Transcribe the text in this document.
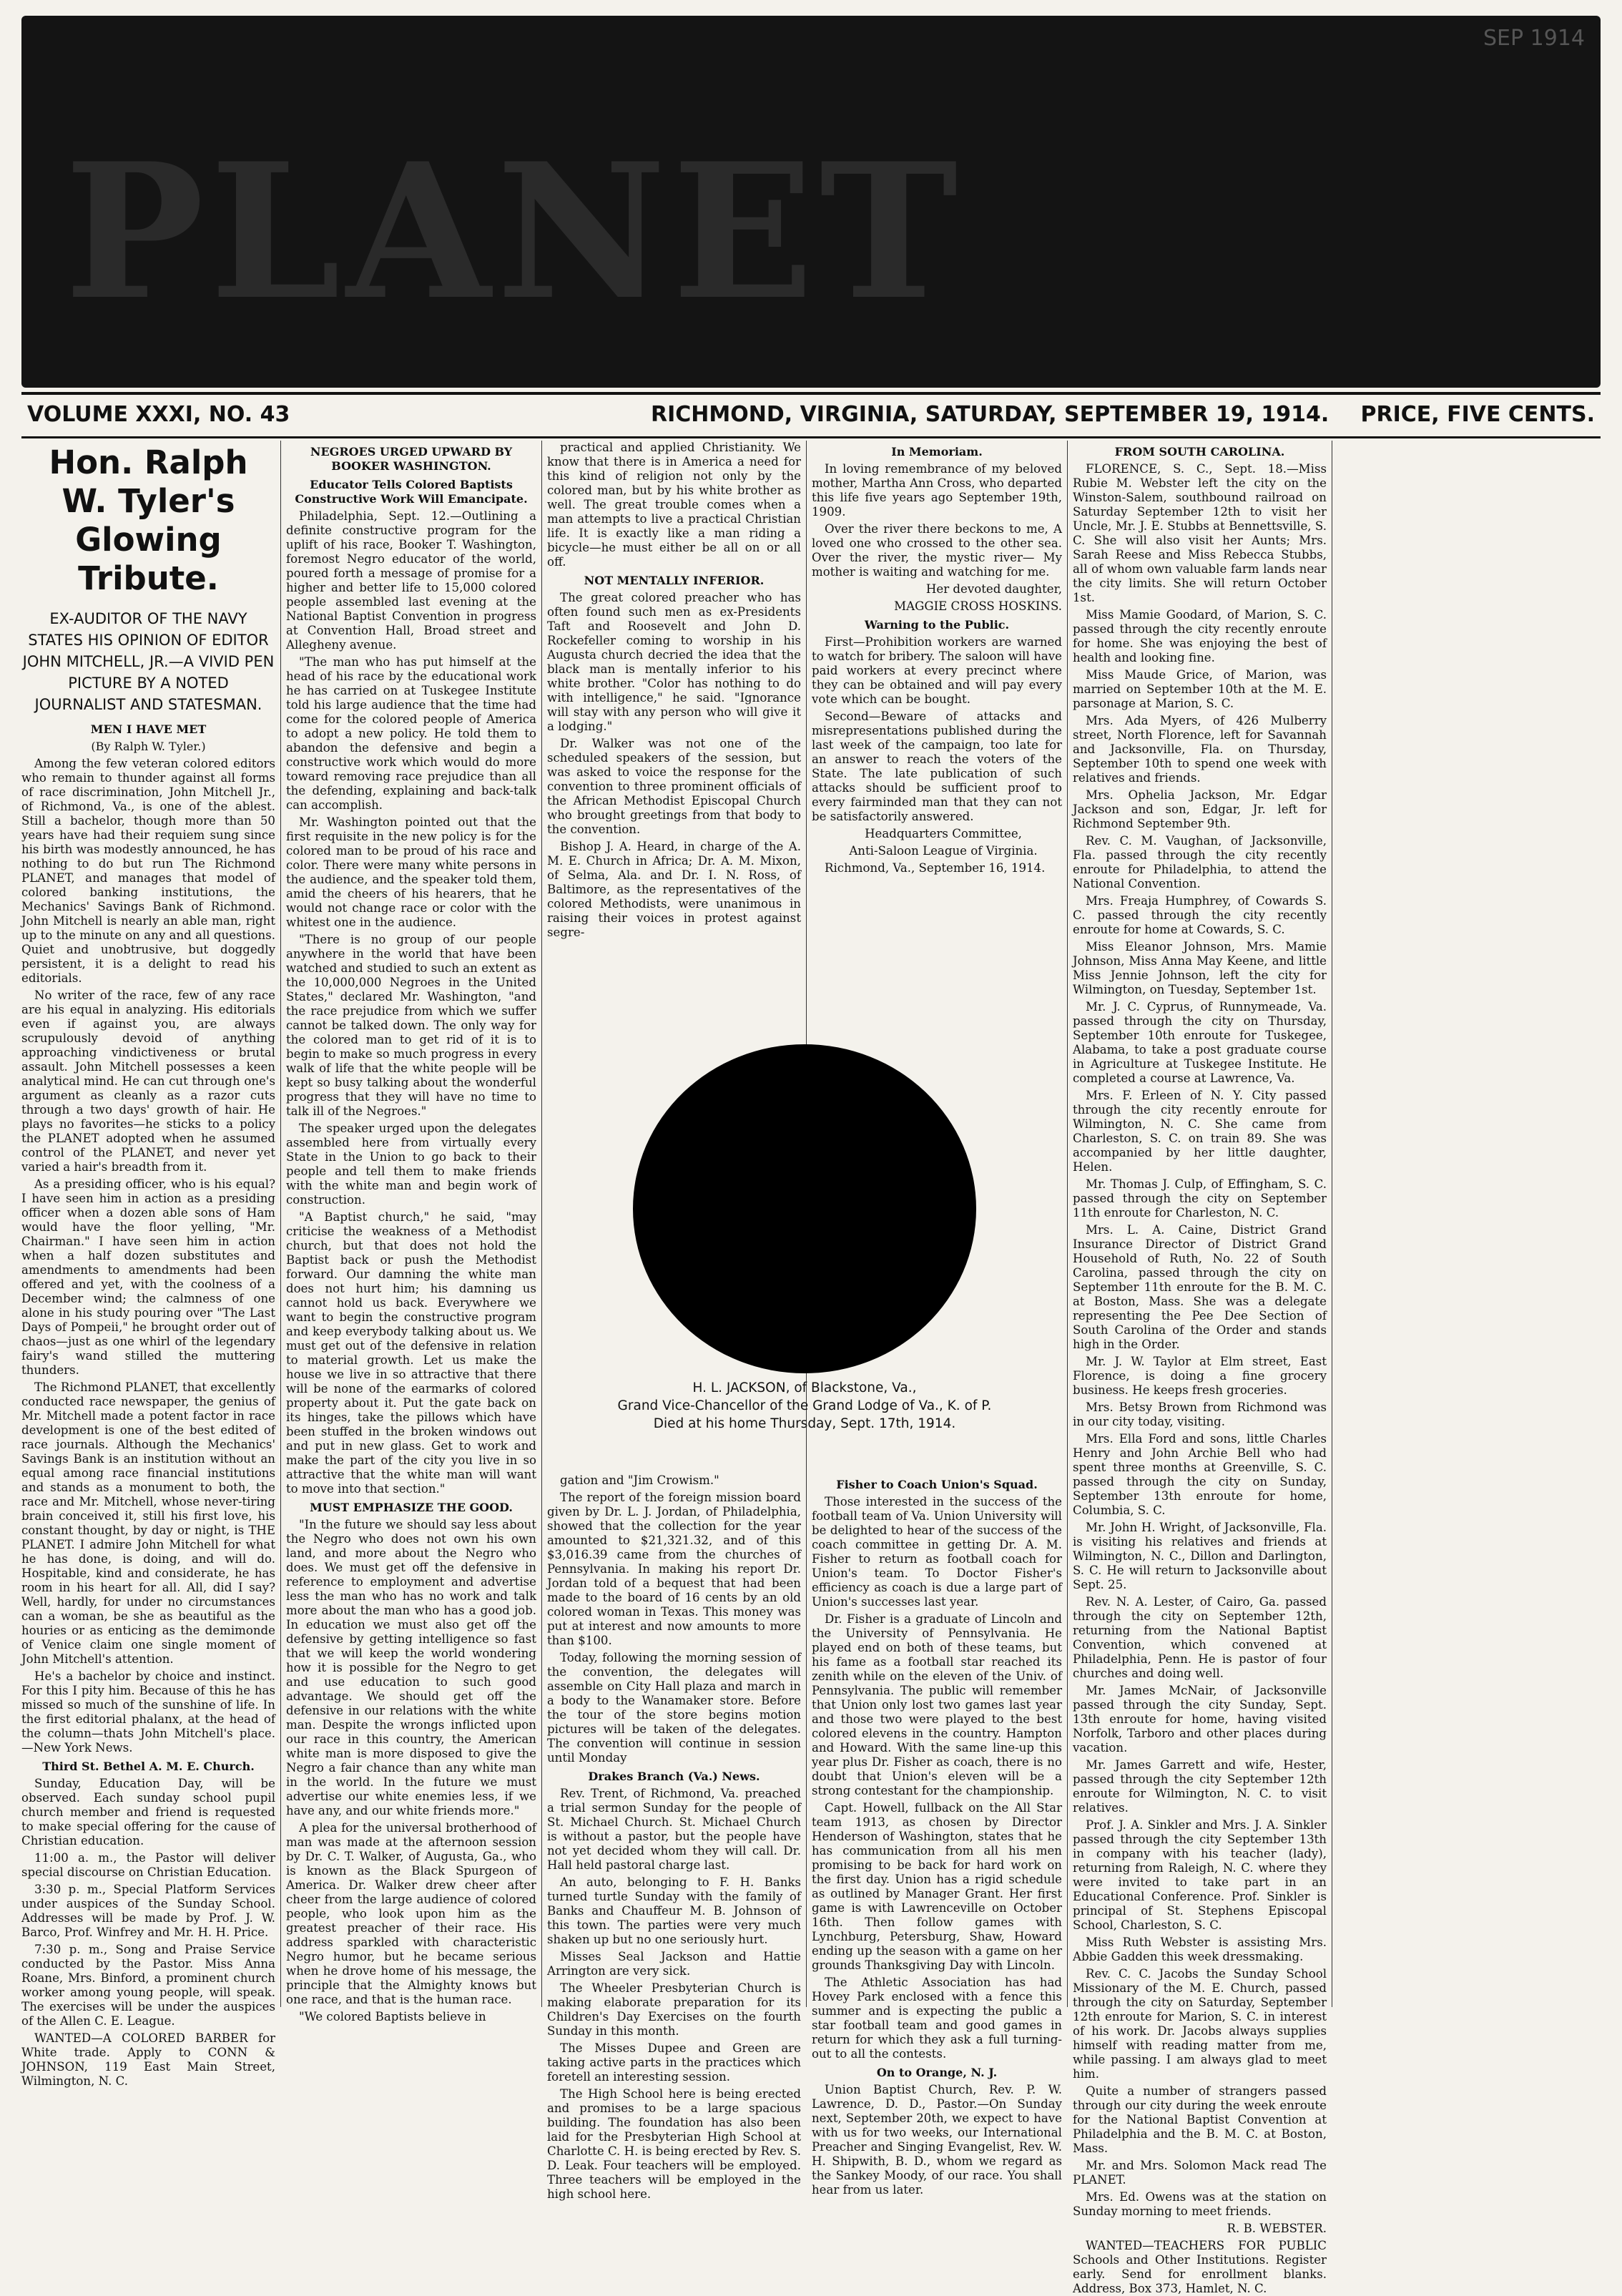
PLANET
SEP 1914
VOLUME XXXI, NO. 43	RICHMOND, VIRGINIA, SATURDAY, SEPTEMBER 19, 1914. PRICE, FIVE CENTS.
Hon. Ralph W. Tyler's Glowing Tribute.
EX-AUDITOR OF THE NAVY STATES HIS OPINION OF EDITOR JOHN MITCHELL, JR.—A VIVID PEN PICTURE BY A NOTED JOURNALIST AND STATESMAN.
MEN I HAVE MET
(By Ralph W. Tyler.)

Among the few veteran colored editors who remain to thunder against all forms of race discrimination, John Mitchell Jr., of Richmond, Va., is one of the ablest. Still a bachelor, though more than 50 years have had their requiem sung since his birth was modestly announced, he has nothing to do but run The Richmond PLANET, and manages that model of colored banking institutions, the Mechanics' Savings Bank of Richmond. John Mitchell is nearly an able man, right up to the minute on any and all questions. Quiet and unobtrusive, but doggedly persistent, it is a delight to read his editorials.

No writer of the race, few of any race are his equal in analyzing. His editorials even if against you, are always scrupulously devoid of anything approaching vindictiveness or brutal assault. John Mitchell possesses a keen analytical mind. He can cut through one's argument as cleanly as a razor cuts through a two days' growth of hair. He plays no favorites—he sticks to a policy the PLANET adopted when he assumed control of the PLANET, and never yet varied a hair's breadth from it.

As a presiding officer, who is his equal? I have seen him in action as a presiding officer when a dozen able sons of Ham would have the floor yelling, "Mr. Chairman." I have seen him in action when a half dozen substitutes and amendments to amendments had been offered and yet, with the coolness of a December wind; the calmness of one alone in his study pouring over "The Last Days of Pompeii," he brought order out of chaos—just as one whirl of the legendary fairy's wand stilled the muttering thunders.

The Richmond PLANET, that excellently conducted race newspaper, the genius of Mr. Mitchell made a potent factor in race development is one of the best edited of race journals. Although the Mechanics' Savings Bank is an institution without an equal among race financial institutions and stands as a monument to both, the race and Mr. Mitchell, whose never-tiring brain conceived it, still his first love, his constant thought, by day or night, is THE PLANET. I admire John Mitchell for what he has done, is doing, and will do. Hospitable, kind and considerate, he has room in his heart for all. All, did I say? Well, hardly, for under no circumstances can a woman, be she as beautiful as the houries or as enticing as the demimonde of Venice claim one single moment of John Mitchell's attention.

He's a bachelor by choice and instinct. For this I pity him. Because of this he has missed so much of the sunshine of life. In the first editorial phalanx, at the head of the column—thats John Mitchell's place.—New York News.

Third St. Bethel A. M. E. Church.

Sunday, Education Day, will be observed. Each sunday school pupil church member and friend is requested to make special offering for the cause of Christian education.

11:00 a. m., the Pastor will deliver special discourse on Christian Education.

3:30 p. m., Special Platform Services under auspices of the Sunday School. Addresses will be made by Prof. J. W. Barco, Prof. Winfrey and Mr. H. H. Price.

7:30 p. m., Song and Praise Service conducted by the Pastor. Miss Anna Roane, Mrs. Binford, a prominent church worker among young people, will speak. The exercises will be under the auspices of the Allen C. E. League.

WANTED—A COLORED BARBER for White trade. Apply to CONN & JOHNSON, 119 East Main Street, Wilmington, N. C.

NEGROES URGED UPWARD BY BOOKER WASHINGTON.
Educator Tells Colored Baptists Constructive Work Will Emancipate.

Philadelphia, Sept. 12.—Outlining a definite constructive program for the uplift of his race, Booker T. Washington, foremost Negro educator of the world, poured forth a message of promise for a higher and better life to 15,000 colored people assembled last evening at the National Baptist Convention in progress at Convention Hall, Broad street and Allegheny avenue.

"The man who has put himself at the head of his race by the educational work he has carried on at Tuskegee Institute told his large audience that the time had come for the colored people of America to adopt a new policy. He told them to abandon the defensive and begin a constructive work which would do more toward removing race prejudice than all the defending, explaining and back-talk can accomplish.

Mr. Washington pointed out that the first requisite in the new policy is for the colored man to be proud of his race and color. There were many white persons in the audience, and the speaker told them, amid the cheers of his hearers, that he would not change race or color with the whitest one in the audience.

"There is no group of our people anywhere in the world that have been watched and studied to such an extent as the 10,000,000 Negroes in the United States," declared Mr. Washington, "and the race prejudice from which we suffer cannot be talked down. The only way for the colored man to get rid of it is to begin to make so much progress in every walk of life that the white people will be kept so busy talking about the wonderful progress that they will have no time to talk ill of the Negroes."

The speaker urged upon the delegates assembled here from virtually every State in the Union to go back to their people and tell them to make friends with the white man and begin work of construction.

"A Baptist church," he said, "may criticise the weakness of a Methodist church, but that does not hold the Baptist back or push the Methodist forward. Our damning the white man does not hurt him; his damning us cannot hold us back. Everywhere we want to begin the constructive program and keep everybody talking about us. We must get out of the defensive in relation to material growth. Let us make the house we live in so attractive that there will be none of the earmarks of colored property about it. Put the gate back on its hinges, take the pillows which have been stuffed in the broken windows out and put in new glass. Get to work and make the part of the city you live in so attractive that the white man will want to move into that section."

MUST EMPHASIZE THE GOOD.

"In the future we should say less about the Negro who does not own his own land, and more about the Negro who does. We must get off the defensive in reference to employment and advertise less the man who has no work and talk more about the man who has a good job. In education we must also get off the defensive by getting intelligence so fast that we will keep the world wondering how it is possible for the Negro to get and use education to such good advantage. We should get off the defensive in our relations with the white man. Despite the wrongs inflicted upon our race in this country, the American white man is more disposed to give the Negro a fair chance than any white man in the world. In the future we must advertise our white enemies less, if we have any, and our white friends more."

A plea for the universal brotherhood of man was made at the afternoon session by Dr. C. T. Walker, of Augusta, Ga., who is known as the Black Spurgeon of America. Dr. Walker drew cheer after cheer from the large audience of colored people, who look upon him as the greatest preacher of their race. His address sparkled with characteristic Negro humor, but he became serious when he drove home of his message, the principle that the Almighty knows but one race, and that is the human race.

"We colored Baptists believe in

practical and applied Christianity. We know that there is in America a need for this kind of religion not only by the colored man, but by his white brother as well. The great trouble comes when a man attempts to live a practical Christian life. It is exactly like a man riding a bicycle—he must either be all on or all off.

NOT MENTALLY INFERIOR.

The great colored preacher who has often found such men as ex-Presidents Taft and Roosevelt and John D. Rockefeller coming to worship in his Augusta church decried the idea that the black man is mentally inferior to his white brother. "Color has nothing to do with intelligence," he said. "Ignorance will stay with any person who will give it a lodging."

Dr. Walker was not one of the scheduled speakers of the session, but was asked to voice the response for the convention to three prominent officials of the African Methodist Episcopal Church who brought greetings from that body to the convention.

Bishop J. A. Heard, in charge of the A. M. E. Church in Africa; Dr. A. M. Mixon, of Selma, Ala. and Dr. I. N. Ross, of Baltimore, as the representatives of the colored Methodists, were unanimous in raising their voices in protest against segre-

In Memoriam.

In loving remembrance of my beloved mother, Martha Ann Cross, who departed this life five years ago September 19th, 1909.

Over the river there beckons to me, A loved one who crossed to the other sea. Over the river, the mystic river— My mother is waiting and watching for me.

Her devoted daughter,

MAGGIE CROSS HOSKINS.

Warning to the Public.

First—Prohibition workers are warned to watch for bribery. The saloon will have paid workers at every precinct where they can be obtained and will pay every vote which can be bought.

Second—Beware of attacks and misrepresentations published during the last week of the campaign, too late for an answer to reach the voters of the State. The late publication of such attacks should be sufficient proof to every fairminded man that they can not be satisfactorily answered.

Headquarters Committee,

Anti-Saloon League of Virginia.

Richmond, Va., September 16, 1914.

H. L. JACKSON, of Blackstone, Va.,
Grand Vice-Chancellor of the Grand Lodge of Va., K. of P.
Died at his home Thursday, Sept. 17th, 1914.

gation and "Jim Crowism."

The report of the foreign mission board given by Dr. L. J. Jordan, of Philadelphia, showed that the collection for the year amounted to $21,321.32, and of this $3,016.39 came from the churches of Pennsylvania. In making his report Dr. Jordan told of a bequest that had been made to the board of 16 cents by an old colored woman in Texas. This money was put at interest and now amounts to more than $100.

Today, following the morning session of the convention, the delegates will assemble on City Hall plaza and march in a body to the Wanamaker store. Before the tour of the store begins motion pictures will be taken of the delegates. The convention will continue in session until Monday

Drakes Branch (Va.) News.

Rev. Trent, of Richmond, Va. preached a trial sermon Sunday for the people of St. Michael Church. St. Michael Church is without a pastor, but the people have not yet decided whom they will call. Dr. Hall held pastoral charge last.

An auto, belonging to F. H. Banks turned turtle Sunday with the family of Banks and Chauffeur M. B. Johnson of this town. The parties were very much shaken up but no one seriously hurt.

Misses Seal Jackson and Hattie Arrington are very sick.

The Wheeler Presbyterian Church is making elaborate preparation for its Children's Day Exercises on the fourth Sunday in this month.

The Misses Dupee and Green are taking active parts in the practices which foretell an interesting session.

The High School here is being erected and promises to be a large spacious building. The foundation has also been laid for the Presbyterian High School at Charlotte C. H. is being erected by Rev. S. D. Leak. Four teachers will be employed. Three teachers will be employed in the high school here.

Fisher to Coach Union's Squad.

Those interested in the success of the football team of Va. Union University will be delighted to hear of the success of the coach committee in getting Dr. A. M. Fisher to return as football coach for Union's team. To Doctor Fisher's efficiency as coach is due a large part of Union's successes last year.

Dr. Fisher is a graduate of Lincoln and the University of Pennsylvania. He played end on both of these teams, but his fame as a football star reached its zenith while on the eleven of the Univ. of Pennsylvania. The public will remember that Union only lost two games last year and those two were played to the best colored elevens in the country. Hampton and Howard. With the same line-up this year plus Dr. Fisher as coach, there is no doubt that Union's eleven will be a strong contestant for the championship.

Capt. Howell, fullback on the All Star team 1913, as chosen by Director Henderson of Washington, states that he has communication from all his men promising to be back for hard work on the first day. Union has a rigid schedule as outlined by Manager Grant. Her first game is with Lawrenceville on October 16th. Then follow games with Lynchburg, Petersburg, Shaw, Howard ending up the season with a game on her grounds Thanksgiving Day with Lincoln.

The Athletic Association has had Hovey Park enclosed with a fence this summer and is expecting the public a star football team and good games in return for which they ask a full turning-out to all the contests.

On to Orange, N. J.

Union Baptist Church, Rev. P. W. Lawrence, D. D., Pastor.—On Sunday next, September 20th, we expect to have with us for two weeks, our International Preacher and Singing Evangelist, Rev. W. H. Shipwith, B. D., whom we regard as the Sankey Moody, of our race. You shall hear from us later.

FROM SOUTH CAROLINA.

FLORENCE, S. C., Sept. 18.—Miss Rubie M. Webster left the city on the Winston-Salem, southbound railroad on Saturday September 12th to visit her Uncle, Mr. J. E. Stubbs at Bennettsville, S. C. She will also visit her Aunts; Mrs. Sarah Reese and Miss Rebecca Stubbs, all of whom own valuable farm lands near the city limits. She will return October 1st.

Miss Mamie Goodard, of Marion, S. C. passed through the city recently enroute for home. She was enjoying the best of health and looking fine.

Miss Maude Grice, of Marion, was married on September 10th at the M. E. parsonage at Marion, S. C.

Mrs. Ada Myers, of 426 Mulberry street, North Florence, left for Savannah and Jacksonville, Fla. on Thursday, September 10th to spend one week with relatives and friends.

Mrs. Ophelia Jackson, Mr. Edgar Jackson and son, Edgar, Jr. left for Richmond September 9th.

Rev. C. M. Vaughan, of Jacksonville, Fla. passed through the city recently enroute for Philadelphia, to attend the National Convention.

Mrs. Freaja Humphrey, of Cowards S. C. passed through the city recently enroute for home at Cowards, S. C.

Miss Eleanor Johnson, Mrs. Mamie Johnson, Miss Anna May Keene, and little Miss Jennie Johnson, left the city for Wilmington, on Tuesday, September 1st.

Mr. J. C. Cyprus, of Runnymeade, Va. passed through the city on Thursday, September 10th enroute for Tuskegee, Alabama, to take a post graduate course in Agriculture at Tuskegee Institute. He completed a course at Lawrence, Va.

Mrs. F. Erleen of N. Y. City passed through the city recently enroute for Wilmington, N. C. She came from Charleston, S. C. on train 89. She was accompanied by her little daughter, Helen.

Mr. Thomas J. Culp, of Effingham, S. C. passed through the city on September 11th enroute for Charleston, N. C.

Mrs. L. A. Caine, District Grand Insurance Director of District Grand Household of Ruth, No. 22 of South Carolina, passed through the city on September 11th enroute for the B. M. C. at Boston, Mass. She was a delegate representing the Pee Dee Section of South Carolina of the Order and stands high in the Order.

Mr. J. W. Taylor at Elm street, East Florence, is doing a fine grocery business. He keeps fresh groceries.

Mrs. Betsy Brown from Richmond was in our city today, visiting.

Mrs. Ella Ford and sons, little Charles Henry and John Archie Bell who had spent three months at Greenville, S. C. passed through the city on Sunday, September 13th enroute for home, Columbia, S. C.

Mr. John H. Wright, of Jacksonville, Fla. is visiting his relatives and friends at Wilmington, N. C., Dillon and Darlington, S. C. He will return to Jacksonville about Sept. 25.

Rev. N. A. Lester, of Cairo, Ga. passed through the city on September 12th, returning from the National Baptist Convention, which convened at Philadelphia, Penn. He is pastor of four churches and doing well.

Mr. James McNair, of Jacksonville passed through the city Sunday, Sept. 13th enroute for home, having visited Norfolk, Tarboro and other places during vacation.

Mr. James Garrett and wife, Hester, passed through the city September 12th enroute for Wilmington, N. C. to visit relatives.

Prof. J. A. Sinkler and Mrs. J. A. Sinkler passed through the city September 13th in company with his teacher (lady), returning from Raleigh, N. C. where they were invited to take part in an Educational Conference. Prof. Sinkler is principal of St. Stephens Episcopal School, Charleston, S. C.

Miss Ruth Webster is assisting Mrs. Abbie Gadden this week dressmaking.

Rev. C. C. Jacobs the Sunday School Missionary of the M. E. Church, passed through the city on Saturday, September 12th enroute for Marion, S. C. in interest of his work. Dr. Jacobs always supplies himself with reading matter from me, while passing. I am always glad to meet him.

Quite a number of strangers passed through our city during the week enroute for the National Baptist Convention at Philadelphia and the B. M. C. at Boston, Mass.

Mr. and Mrs. Solomon Mack read The PLANET.

Mrs. Ed. Owens was at the station on Sunday morning to meet friends.

R. B. WEBSTER.

WANTED—TEACHERS FOR PUBLIC Schools and Other Institutions. Register early. Send for enrollment blanks. Address, Box 373, Hamlet, N. C.
